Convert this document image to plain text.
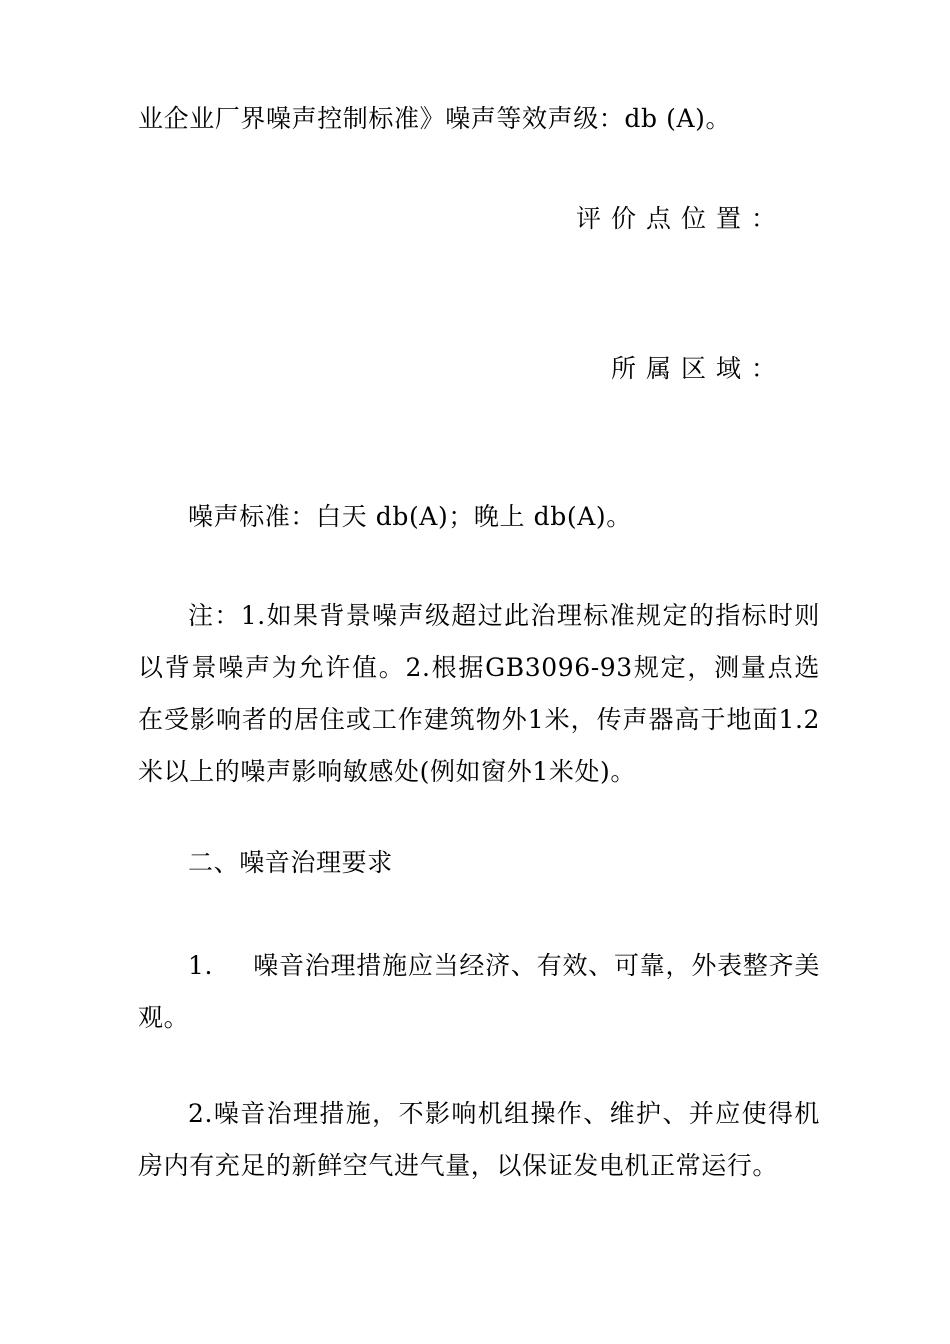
业企业厂界噪声控制标准》噪声等效声级：db (A)。
评价点位置：
所属区域：
噪声标准：白天 db(A)；晚上 db(A)。
注：1.如果背景噪声级超过此治理标准规定的指标时则以背景噪声为允许值。2.根据GB3096-93规定，测量点选在受影响者的居住或工作建筑物外1米，传声器高于地面1.2米以上的噪声影响敏感处(例如窗外1米处)。
二、噪音治理要求
1. 噪音治理措施应当经济、有效、可靠，外表整齐美观。
2.噪音治理措施，不影响机组操作、维护、并应使得机房内有充足的新鲜空气进气量，以保证发电机正常运行。
